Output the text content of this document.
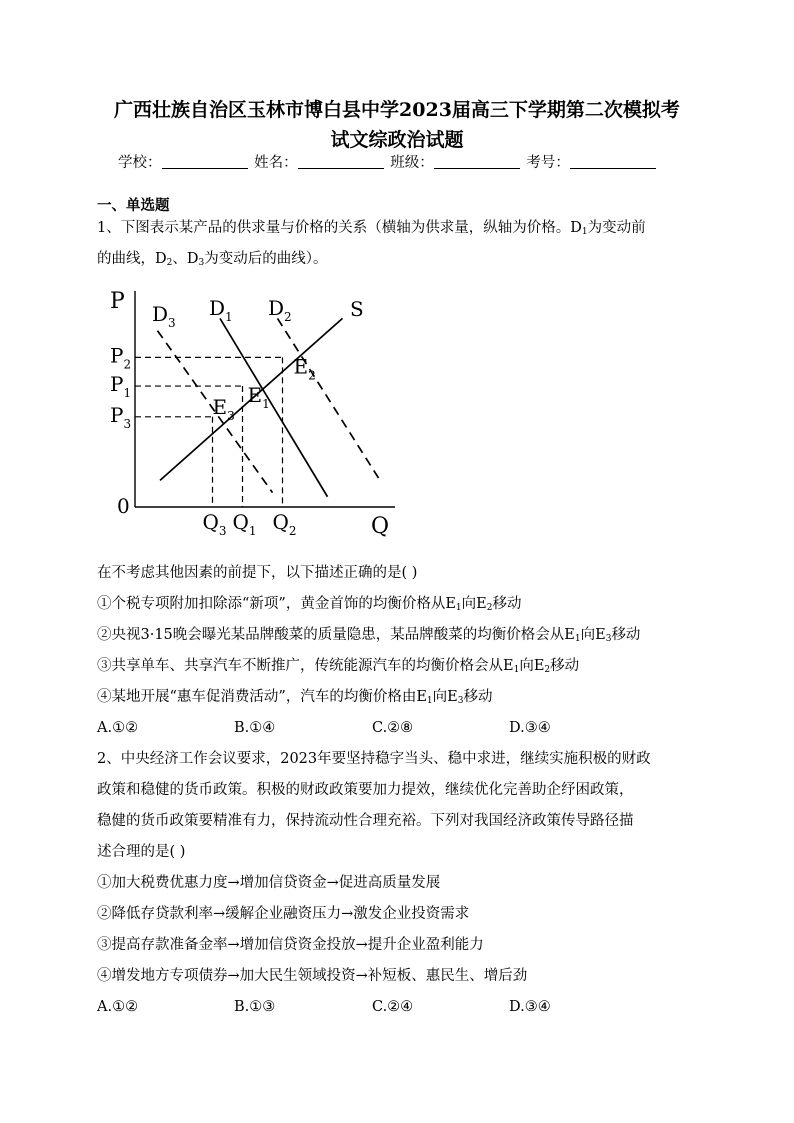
广西壮族自治区玉林市博白县中学2023届高三下学期第二次模拟考
试文综政治试题
学校：	姓名：	班级：	考号：
一、单选题
1、下图表示某产品的供求量与价格的关系（横轴为供求量，纵轴为价格。$D_1$为变动前
的曲线，$D_2$、$D_3$为变动后的曲线）。
P
Q
0
S
$D_1$ $D_2$
$D_3$
$P_2$
$P_1$
$P_3$
$Q_3$ $Q_1$ $Q_2$
$E_1$
$E_2$
$E_3$
在不考虑其他因素的前提下，以下描述正确的是( )
①个税专项附加扣除添“新项”，黄金首饰的均衡价格从$E_1$向$E_2$移动
②央视3·15晚会曝光某品牌酸菜的质量隐患，某品牌酸菜的均衡价格会从$E_1$向$E_3$移动
③共享单车、共享汽车不断推广，传统能源汽车的均衡价格会从$E_1$向$E_2$移动
④某地开展“惠车促消费活动”，汽车的均衡价格由$E_1$向$E_3$移动
A.①②	B.①④	C.②⑧	D.③④
2、中央经济工作会议要求，2023年要坚持稳字当头、稳中求进，继续实施积极的财政
政策和稳健的货币政策。积极的财政政策要加力提效，继续优化完善助企纾困政策，
稳健的货币政策要精准有力，保持流动性合理充裕。下列对我国经济政策传导路径描
述合理的是( )
①加大税费优惠力度→增加信贷资金→促进高质量发展
②降低存贷款利率→缓解企业融资压力→激发企业投资需求
③提高存款准备金率→增加信贷资金投放→提升企业盈利能力
④增发地方专项债券→加大民生领域投资→补短板、惠民生、增后劲
A.①②	B.①③	C.②④	D.③④
